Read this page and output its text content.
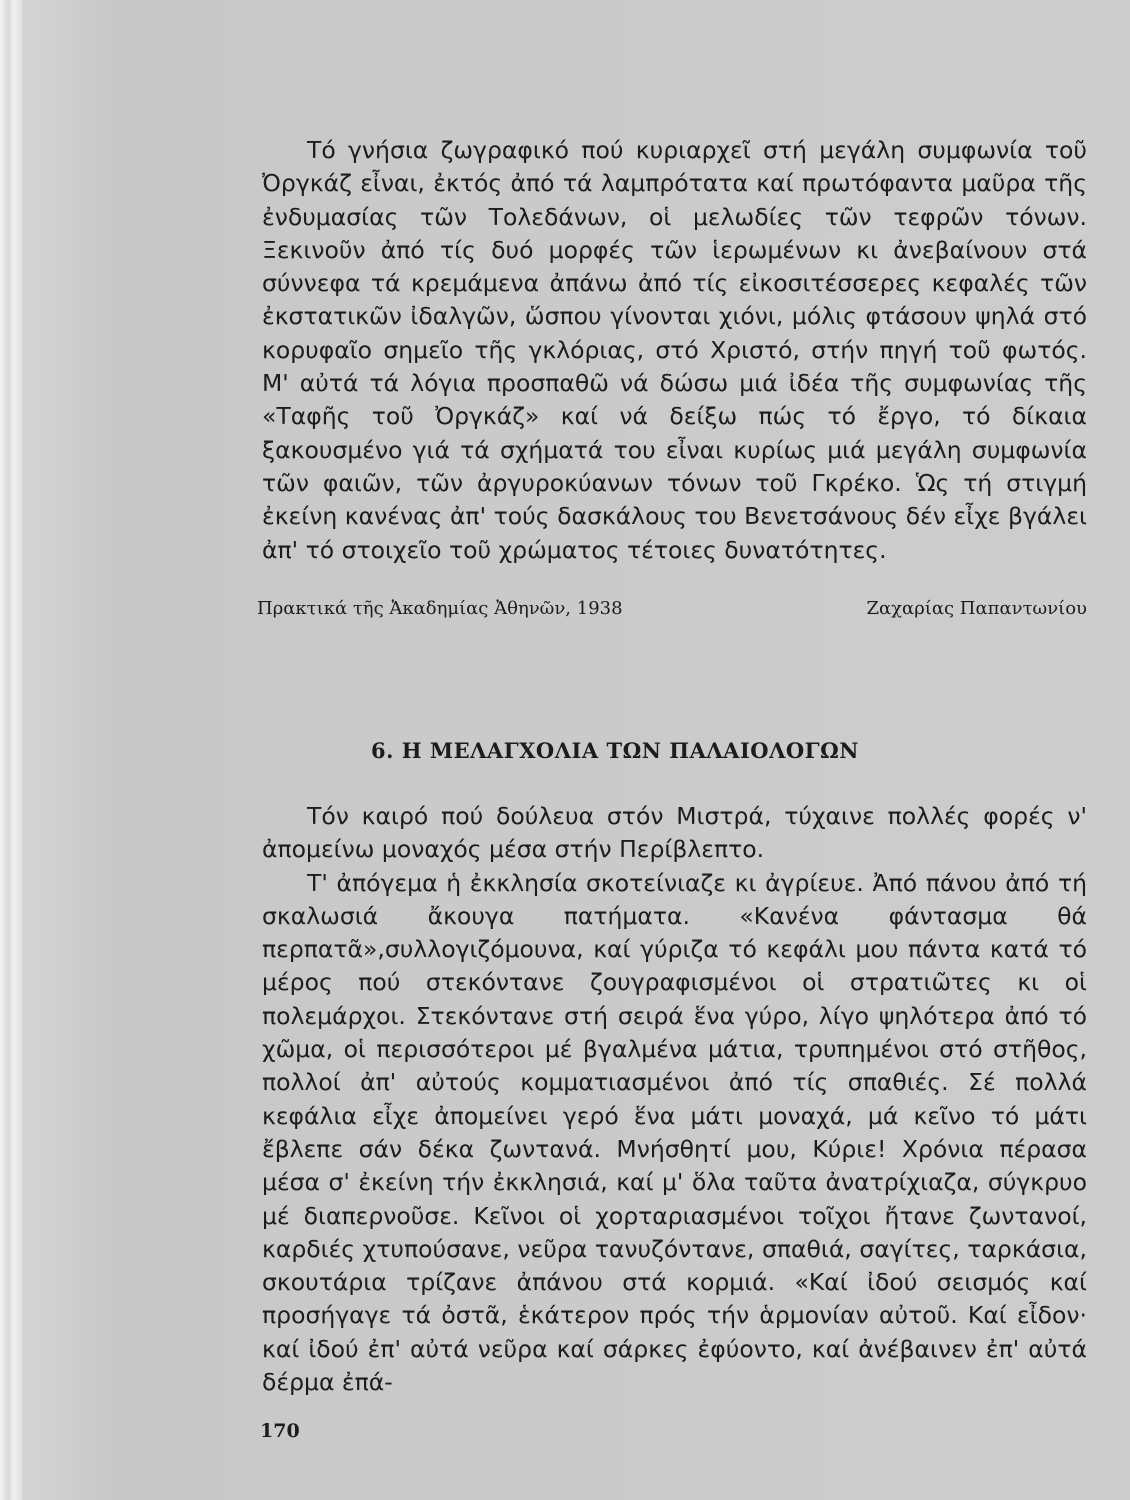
Τό γνήσια ζωγραφικό πού κυριαρχεῖ στή μεγάλη συμφωνία τοῦ Ὀργκάζ εἶναι, ἐκτός ἀπό τά λαμπρότατα καί πρωτόφαντα μαῦρα τῆς ἐνδυμασίας τῶν Τολεδάνων, οἱ μελωδίες τῶν τεφρῶν τόνων. Ξεκινοῦν ἀπό τίς δυό μορφές τῶν ἱερωμένων κι ἀνεβαίνουν στά σύννεφα τά κρεμάμενα ἀπάνω ἀπό τίς εἰκοσιτέσσερες κεφαλές τῶν ἐκστατικῶν ἰδαλγῶν, ὥσπου γίνονται χιόνι, μόλις φτάσουν ψηλά στό κορυφαῖο σημεῖο τῆς γκλόριας, στό Χριστό, στήν πηγή τοῦ φωτός. Μ' αὐτά τά λόγια προσπαθῶ νά δώσω μιά ἰδέα τῆς συμφωνίας τῆς «Ταφῆς τοῦ Ὀργκάζ» καί νά δείξω πώς τό ἔργο, τό δίκαια ξακουσμένο γιά τά σχήματά του εἶναι κυρίως μιά μεγάλη συμφωνία τῶν φαιῶν, τῶν ἀργυροκύανων τόνων τοῦ Γκρέκο. Ὡς τή στιγμή ἐκείνη κανένας ἀπ' τούς δασκάλους του Βενετσάνους δέν εἶχε βγάλει ἀπ' τό στοιχεῖο τοῦ χρώματος τέτοιες δυνατότητες.

Πρακτικά τῆς Ἀκαδημίας Ἀθηνῶν, 1938	Ζαχαρίας Παπαντωνίου
6. Η ΜΕΛΑΓΧΟΛΙΑ ΤΩΝ ΠΑΛΑΙΟΛΟΓΩΝ

Τόν καιρό πού δούλευα στόν Μιστρά, τύχαινε πολλές φορές ν' ἀπομείνω μοναχός μέσα στήν Περίβλεπτο.

Τ' ἀπόγεμα ἡ ἐκκλησία σκοτείνιαζε κι ἀγρίευε. Ἀπό πάνου ἀπό τή σκαλωσιά ἄκουγα πατήματα. «Κανένα φάντασμα θά περπατᾶ»,συλλογιζόμουνα, καί γύριζα τό κεφάλι μου πάντα κατά τό μέρος πού στεκόντανε ζουγραφισμένοι οἱ στρατιῶτες κι οἱ πολεμάρχοι. Στεκόντανε στή σειρά ἕνα γύρο, λίγο ψηλότερα ἀπό τό χῶμα, οἱ περισσότεροι μέ βγαλμένα μάτια, τρυπημένοι στό στῆθος, πολλοί ἀπ' αὐτούς κομματιασμένοι ἀπό τίς σπαθιές. Σέ πολλά κεφάλια εἶχε ἀπομείνει γερό ἕνα μάτι μοναχά, μά κεῖνο τό μάτι ἔβλεπε σάν δέκα ζωντανά. Μνήσθητί μου, Κύριε! Χρόνια πέρασα μέσα σ' ἐκείνη τήν ἐκκλησιά, καί μ' ὅλα ταῦτα ἀνατρίχιαζα, σύγκρυο μέ διαπερνοῦσε. Κεῖνοι οἱ χορταριασμένοι τοῖχοι ἤτανε ζωντανοί, καρδιές χτυπούσανε, νεῦρα τανυζόντανε, σπαθιά, σαγίτες, ταρκάσια, σκουτάρια τρίζανε ἀπάνου στά κορμιά. «Καί ἰδού σεισμός καί προσήγαγε τά ὀστᾶ, ἑκάτερον πρός τήν ἁρμονίαν αὐτοῦ. Καί εἶδον· καί ἰδού ἐπ' αὐτά νεῦρα καί σάρκες ἐφύοντο, καί ἀνέβαινεν ἐπ' αὐτά δέρμα ἐπά-

170
